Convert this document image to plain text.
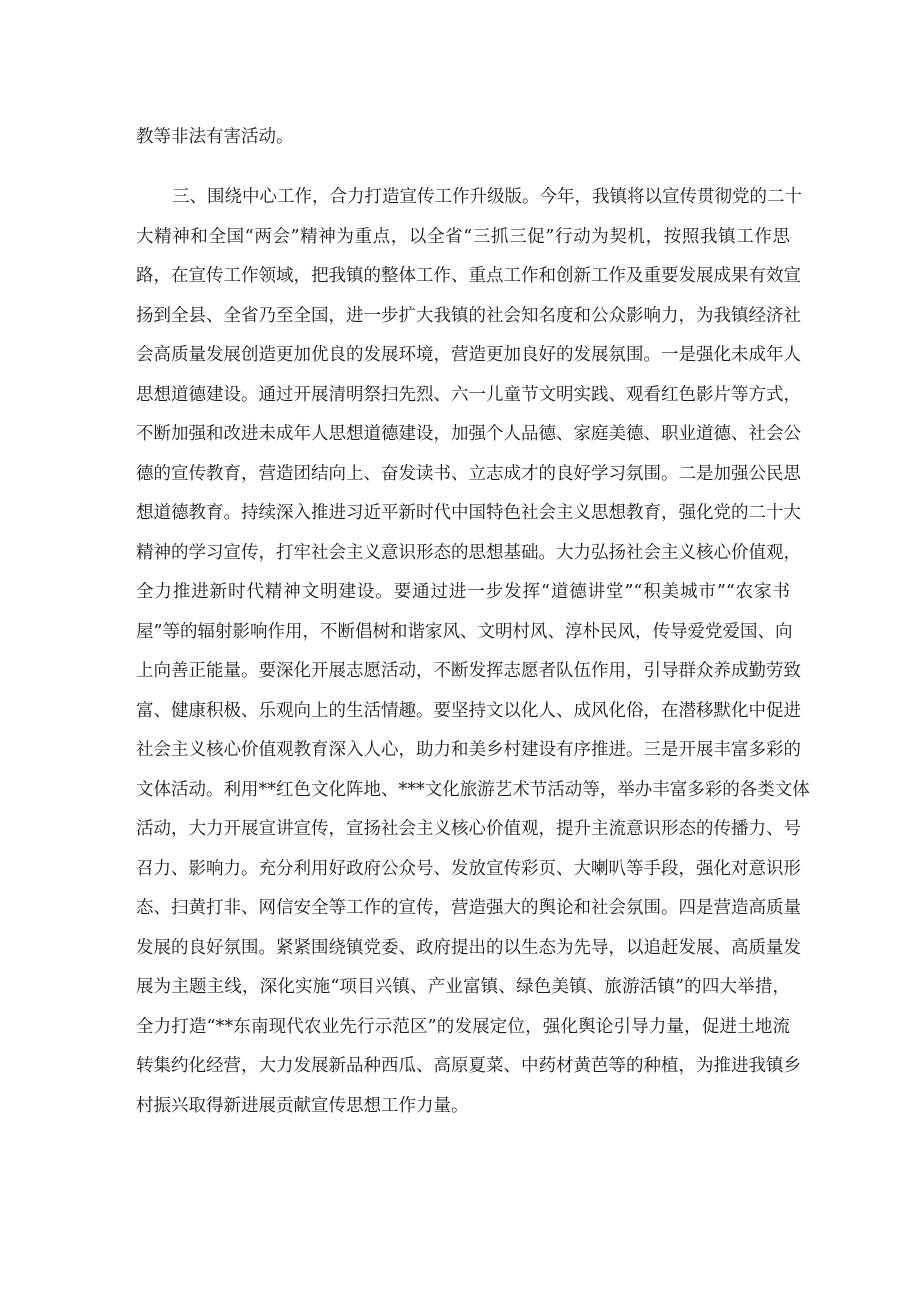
教等非法有害活动。

三、围绕中心工作，合力打造宣传工作升级版。今年，我镇将以宣传贯彻党的二十

大精神和全国“两会”精神为重点，以全省“三抓三促”行动为契机，按照我镇工作思

路，在宣传工作领域，把我镇的整体工作、重点工作和创新工作及重要发展成果有效宣

扬到全县、全省乃至全国，进一步扩大我镇的社会知名度和公众影响力，为我镇经济社

会高质量发展创造更加优良的发展环境，营造更加良好的发展氛围。一是强化未成年人

思想道德建设。通过开展清明祭扫先烈、六一儿童节文明实践、观看红色影片等方式，

不断加强和改进未成年人思想道德建设，加强个人品德、家庭美德、职业道德、社会公

德的宣传教育，营造团结向上、奋发读书、立志成才的良好学习氛围。二是加强公民思

想道德教育。持续深入推进习近平新时代中国特色社会主义思想教育，强化党的二十大

精神的学习宣传，打牢社会主义意识形态的思想基础。大力弘扬社会主义核心价值观，

全力推进新时代精神文明建设。要通过进一步发挥“道德讲堂”“积美城市”“农家书

屋”等的辐射影响作用，不断倡树和谐家风、文明村风、淳朴民风，传导爱党爱国、向

上向善正能量。要深化开展志愿活动，不断发挥志愿者队伍作用，引导群众养成勤劳致

富、健康积极、乐观向上的生活情趣。要坚持文以化人、成风化俗，在潜移默化中促进

社会主义核心价值观教育深入人心，助力和美乡村建设有序推进。三是开展丰富多彩的

文体活动。利用**红色文化阵地、***文化旅游艺术节活动等，举办丰富多彩的各类文体

活动，大力开展宣讲宣传，宣扬社会主义核心价值观，提升主流意识形态的传播力、号

召力、影响力。充分利用好政府公众号、发放宣传彩页、大喇叭等手段，强化对意识形

态、扫黄打非、网信安全等工作的宣传，营造强大的舆论和社会氛围。四是营造高质量

发展的良好氛围。紧紧围绕镇党委、政府提出的以生态为先导，以追赶发展、高质量发

展为主题主线，深化实施“项目兴镇、产业富镇、绿色美镇、旅游活镇”的四大举措，

全力打造“**东南现代农业先行示范区”的发展定位，强化舆论引导力量，促进土地流

转集约化经营，大力发展新品种西瓜、高原夏菜、中药材黄芭等的种植，为推进我镇乡

村振兴取得新进展贡献宣传思想工作力量。
